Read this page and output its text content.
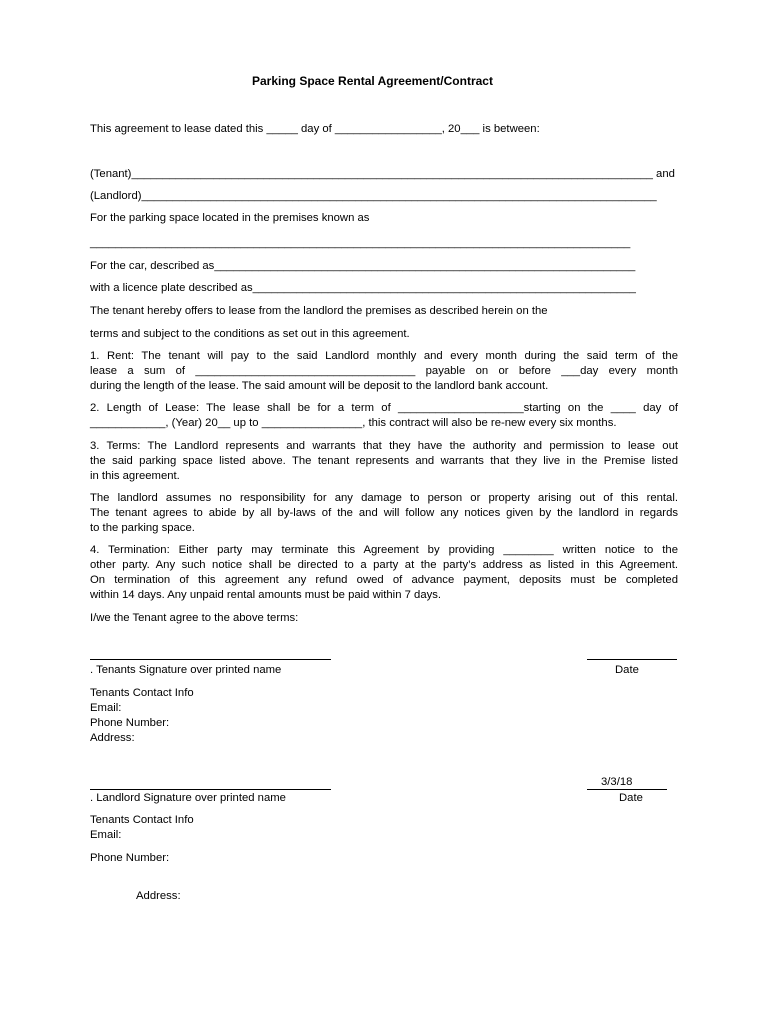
Parking Space Rental Agreement/Contract

This agreement to lease dated this _____ day of _________________, 20___ is between:

(Tenant)___________________________________________________________________________________ and

(Landlord)__________________________________________________________________________________

For the parking space located in the premises known as

______________________________________________________________________________________

For the car, described as___________________________________________________________________

with a licence plate described as_____________________________________________________________

The tenant hereby offers to lease from the landlord the premises as described herein on the

terms and subject to the conditions as set out in this agreement.

1. Rent: The tenant will pay to the said Landlord monthly and every month during the said term of the
lease a sum of ___________________________________ payable on or before ___day every month
during the length of the lease. The said amount will be deposit to the landlord bank account.
2. Length of Lease: The lease shall be for a term of ____________________starting on the ____ day of
____________, (Year) 20__ up to ________________, this contract will also be re-new every six months.
3. Terms: The Landlord represents and warrants that they have the authority and permission to lease out
the said parking space listed above. The tenant represents and warrants that they live in the Premise listed
in this agreement.
The landlord assumes no responsibility for any damage to person or property arising out of this rental.
The tenant agrees to abide by all by-laws of the and will follow any notices given by the landlord in regards
to the parking space.
4. Termination: Either party may terminate this Agreement by providing ________ written notice to the
other party. Any such notice shall be directed to a party at the party’s address as listed in this Agreement.
On termination of this agreement any refund owed of advance payment, deposits must be completed
within 14 days. Any unpaid rental amounts must be paid within 7 days.

I/we the Tenant agree to the above terms:

. Tenants Signature over printed name	Date

Tenants Contact Info

Email:

Phone Number:

Address:

3/3/18

. Landlord Signature over printed name	Date

Tenants Contact Info

Email:

Phone Number:

Address:
